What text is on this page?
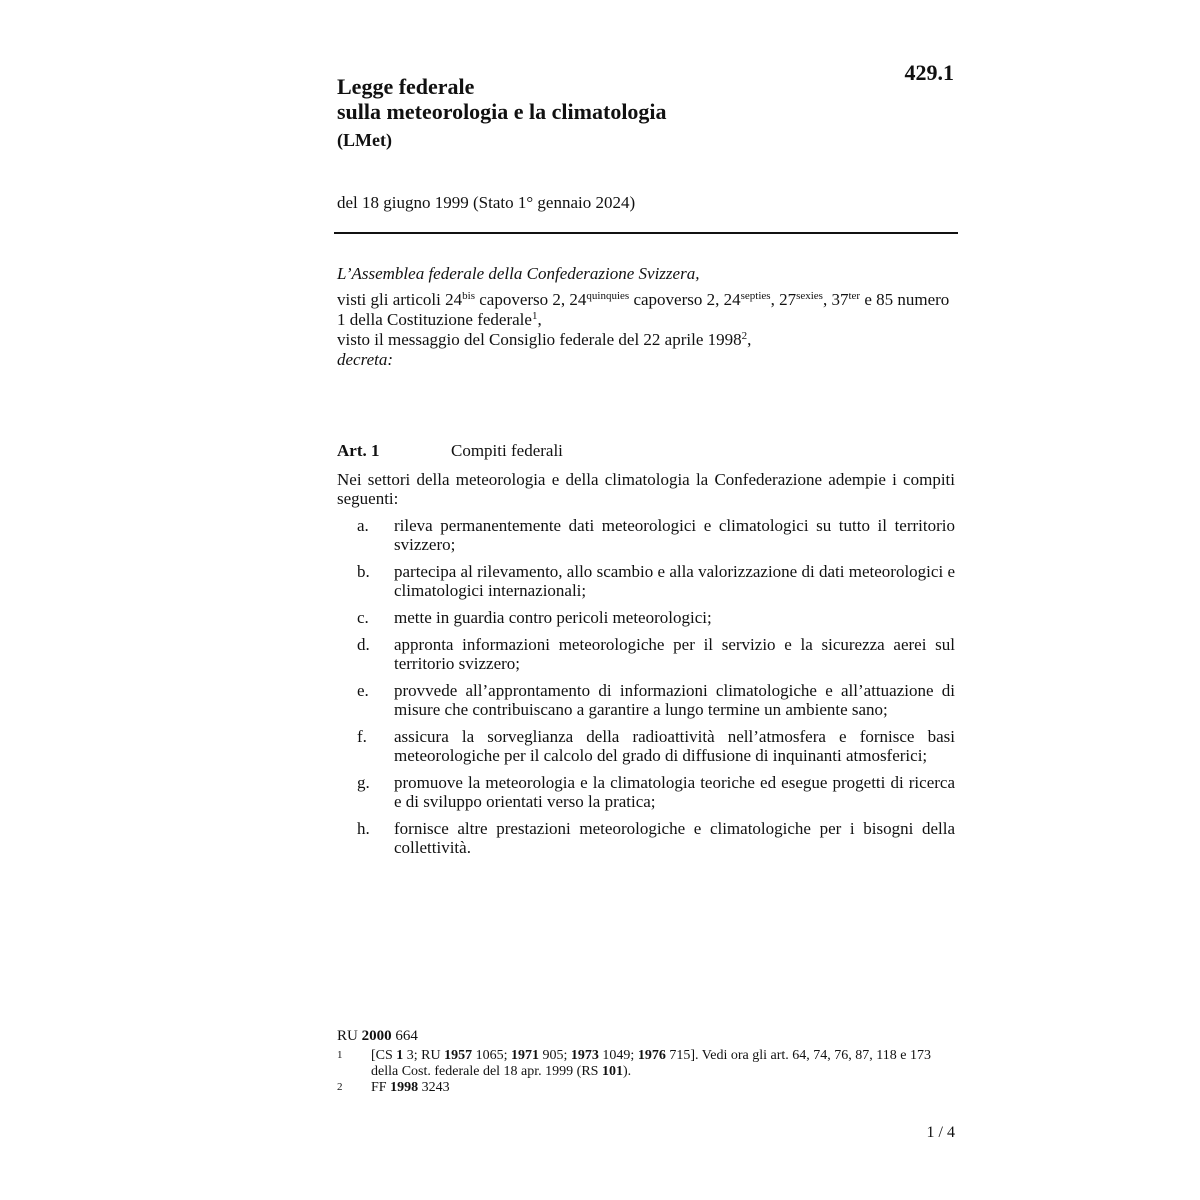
429.1
Legge federale
sulla meteorologia e la climatologia
(LMet)
del 18 giugno 1999 (Stato 1° gennaio 2024)

L’Assemblea federale della Confederazione Svizzera,

visti gli articoli $24^{bis}$ capoverso 2, $24^{quinquies}$ capoverso 2, $24^{septies}$, $27^{sexies}$, $37^{ter}$ e 85 numero 1 della Costituzione federale$^1$,

visto il messaggio del Consiglio federale del 22 aprile 1998$^2$,

decreta:

Art. 1	Compiti federali

Nei settori della meteorologia e della climatologia la Confederazione adempie i compiti seguenti:

a.	rileva permanentemente dati meteorologici e climatologici su tutto il territorio svizzero;
b.	partecipa al rilevamento, allo scambio e alla valorizzazione di dati meteorologici e climatologici internazionali;
c.	mette in guardia contro pericoli meteorologici;
d.	appronta informazioni meteorologiche per il servizio e la sicurezza aerei sul territorio svizzero;
e.	provvede all’approntamento di informazioni climatologiche e all’attuazione di misure che contribuiscano a garantire a lungo termine un ambiente sano;
f.	assicura la sorveglianza della radioattività nell’atmosfera e fornisce basi meteorologiche per il calcolo del grado di diffusione di inquinanti atmosferici;
g.	promuove la meteorologia e la climatologia teoriche ed esegue progetti di ricerca e di sviluppo orientati verso la pratica;
h.	fornisce altre prestazioni meteorologiche e climatologiche per i bisogni della collettività.

RU 2000 664

1	[CS 1 3; RU 1957 1065; 1971 905; 1973 1049; 1976 715]. Vedi ora gli art. 64, 74, 76, 87, 118 e 173 della Cost. federale del 18 apr. 1999 (RS 101).
2	FF 1998 3243
1 / 4
